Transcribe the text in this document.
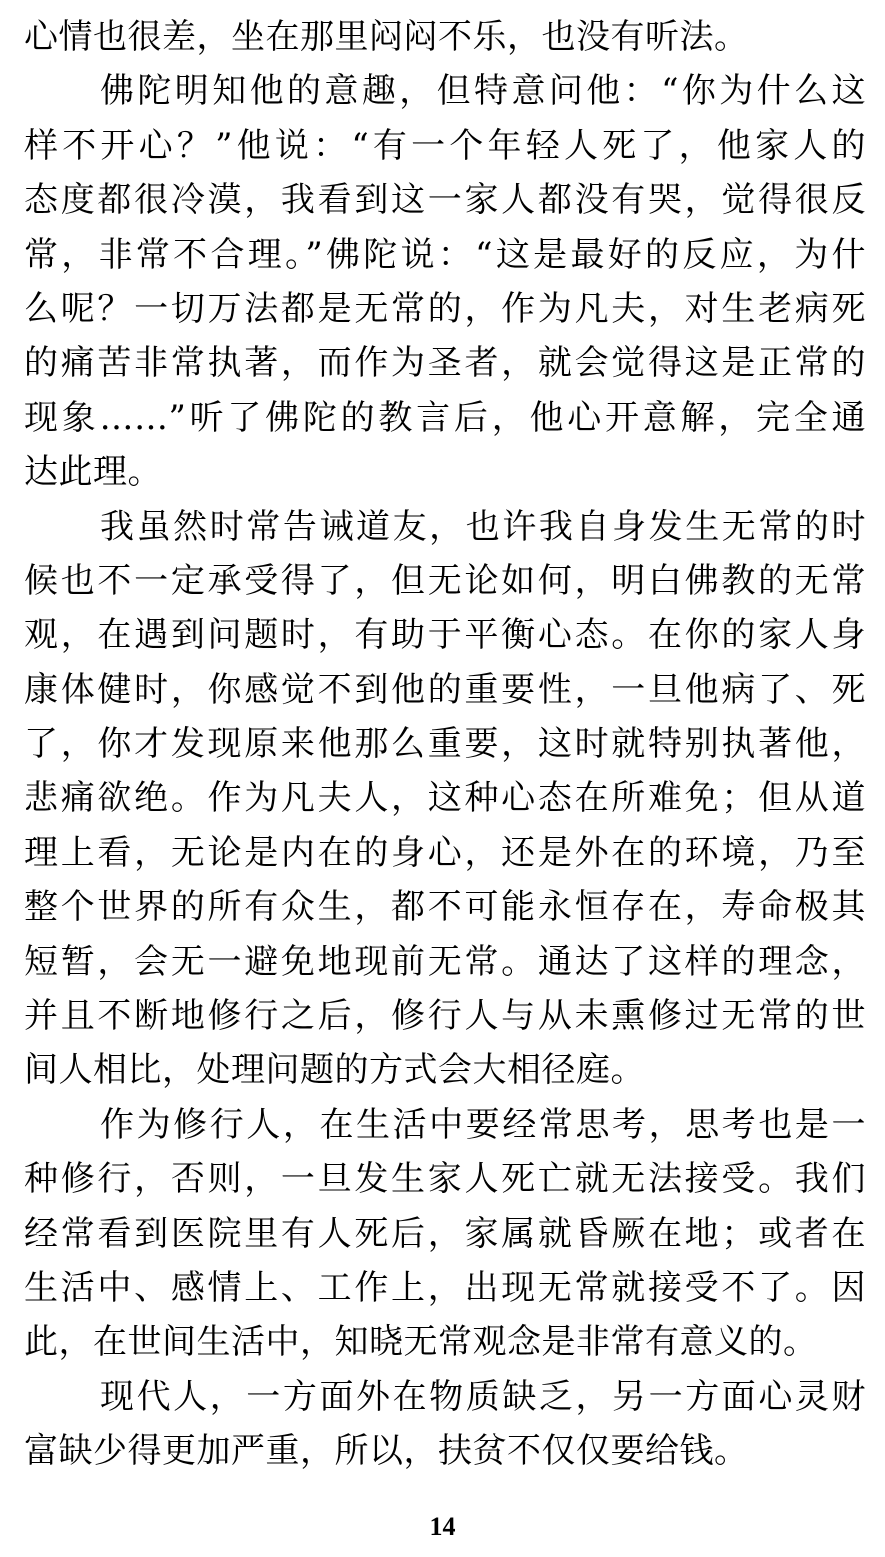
心情也很差，坐在那里闷闷不乐，也没有听法。
佛陀明知他的意趣，但特意问他：“你为什么这
样不开心？”他说：“有一个年轻人死了，他家人的
态度都很冷漠，我看到这一家人都没有哭，觉得很反
常，非常不合理。”佛陀说：“这是最好的反应，为什
么呢？一切万法都是无常的，作为凡夫，对生老病死
的痛苦非常执著，而作为圣者，就会觉得这是正常的
现象……”听了佛陀的教言后，他心开意解，完全通
达此理。
我虽然时常告诫道友，也许我自身发生无常的时
候也不一定承受得了，但无论如何，明白佛教的无常
观，在遇到问题时，有助于平衡心态。在你的家人身
康体健时，你感觉不到他的重要性，一旦他病了、死
了，你才发现原来他那么重要，这时就特别执著他，
悲痛欲绝。作为凡夫人，这种心态在所难免；但从道
理上看，无论是内在的身心，还是外在的环境，乃至
整个世界的所有众生，都不可能永恒存在，寿命极其
短暂，会无一避免地现前无常。通达了这样的理念，
并且不断地修行之后，修行人与从未熏修过无常的世
间人相比，处理问题的方式会大相径庭。
作为修行人，在生活中要经常思考，思考也是一
种修行，否则，一旦发生家人死亡就无法接受。我们
经常看到医院里有人死后，家属就昏厥在地；或者在
生活中、感情上、工作上，出现无常就接受不了。因
此，在世间生活中，知晓无常观念是非常有意义的。
现代人，一方面外在物质缺乏，另一方面心灵财
富缺少得更加严重，所以，扶贫不仅仅要给钱。
14
